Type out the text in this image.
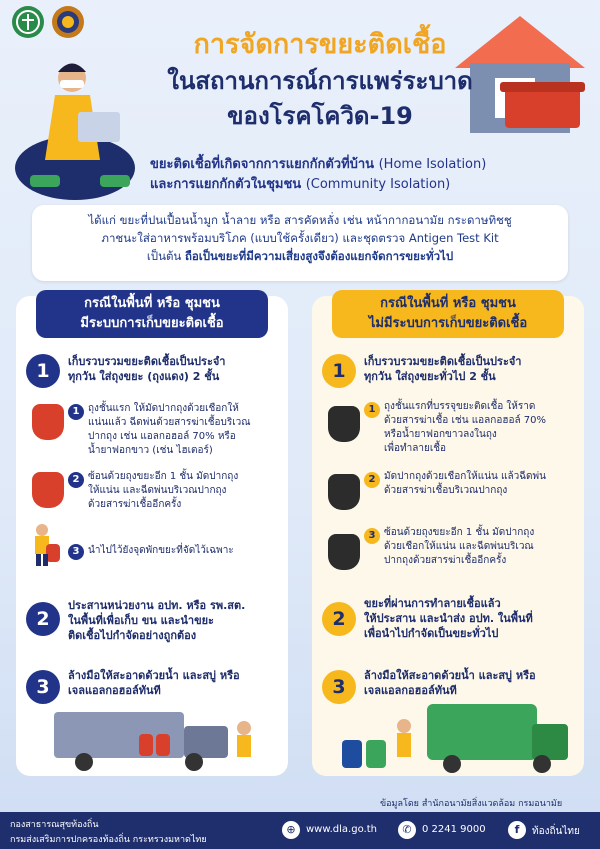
การจัดการขยะติดเชื้อ
ในสถานการณ์การแพร่ระบาด
ของโรคโควิด-19
ขยะติดเชื้อที่เกิดจากการแยกกักตัวที่บ้าน (Home Isolation)
และการแยกกักตัวในชุมชน (Community Isolation)
ได้แก่ ขยะที่ปนเปื้อนน้ำมูก น้ำลาย หรือ สารคัดหลั่ง เช่น หน้ากากอนามัย กระดาษทิชชู
ภาชนะใส่อาหารพร้อมบริโภค (แบบใช้ครั้งเดียว) และชุดตรวจ Antigen Test Kit
เป็นต้น ถือเป็นขยะที่มีความเสี่ยงสูงจึงต้องแยกจัดการขยะทั่วไป
กรณีในพื้นที่ หรือ ชุมชน
มีระบบการเก็บขยะติดเชื้อ
1	เก็บรวบรวมขยะติดเชื้อเป็นประจำ
ทุกวัน ใส่ถุงขยะ (ถุงแดง) 2 ชั้น
1 ถุงชั้นแรก ให้มัดปากถุงด้วยเชือกให้
แน่นแล้ว ฉีดพ่นด้วยสารฆ่าเชื้อบริเวณ
ปากถุง เช่น แอลกอฮอล์ 70% หรือ
น้ำยาฟอกขาว (เช่น ไฮเตอร์)
2 ซ้อนด้วยถุงขยะอีก 1 ชั้น มัดปากถุง
ให้แน่น และฉีดพ่นบริเวณปากถุง
ด้วยสารฆ่าเชื้ออีกครั้ง
3 นำไปไว้ยังจุดพักขยะที่จัดไว้เฉพาะ
2
ประสานหน่วยงาน อปท. หรือ รพ.สต.
ในพื้นที่เพื่อเก็บ ขน และนำขยะ
ติดเชื้อไปกำจัดอย่างถูกต้อง
3
ล้างมือให้สะอาดด้วยน้ำ และสบู่ หรือ
เจลแอลกอฮอล์ทันที
กรณีในพื้นที่ หรือ ชุมชน
ไม่มีระบบการเก็บขยะติดเชื้อ
1	เก็บรวบรวมขยะติดเชื้อเป็นประจำ
ทุกวัน ใส่ถุงขยะทั่วไป 2 ชั้น
1 ถุงชั้นแรกที่บรรจุขยะติดเชื้อ ให้ราด
ด้วยสารฆ่าเชื้อ เช่น แอลกอฮอล์ 70%
หรือน้ำยาฟอกขาวลงในถุง
เพื่อทำลายเชื้อ
2 มัดปากถุงด้วยเชือกให้แน่น แล้วฉีดพ่น
ด้วยสารฆ่าเชื้อบริเวณปากถุง
3 ซ้อนด้วยถุงขยะอีก 1 ชั้น มัดปากถุง
ด้วยเชือกให้แน่น และฉีดพ่นบริเวณ
ปากถุงด้วยสารฆ่าเชื้ออีกครั้ง
2
ขยะที่ผ่านการทำลายเชื้อแล้ว
ให้ประสาน และนำส่ง อปท. ในพื้นที่
เพื่อนำไปกำจัดเป็นขยะทั่วไป
3
ล้างมือให้สะอาดด้วยน้ำ และสบู่ หรือ
เจลแอลกอฮอล์ทันที
ข้อมูลโดย สำนักอนามัยสิ่งแวดล้อม กรมอนามัย
กองสาธารณสุขท้องถิ่น
กรมส่งเสริมการปกครองท้องถิ่น กระทรวงมหาดไทย
⊕	www.dla.go.th	✆	0 2241 9000	f	ท้องถิ่นไทย
